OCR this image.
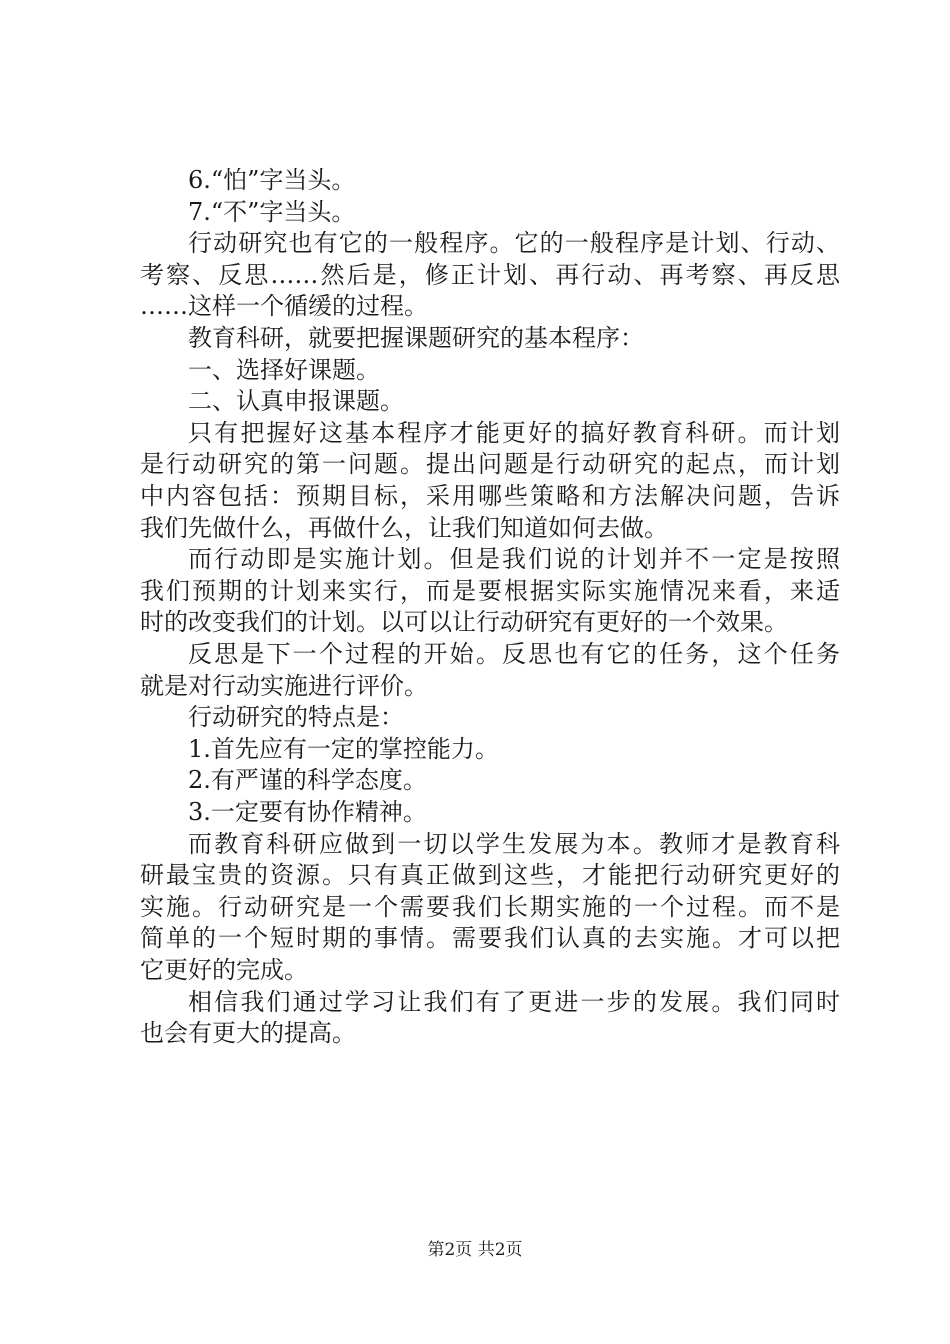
6.“怕”字当头。
7.“不”字当头。
行动研究也有它的一般程序。它的一般程序是计划、行动、
考察、反思……然后是，修正计划、再行动、再考察、再反思
……这样一个循缓的过程。
教育科研，就要把握课题研究的基本程序：
一、选择好课题。
二、认真申报课题。
只有把握好这基本程序才能更好的搞好教育科研。而计划
是行动研究的第一问题。提出问题是行动研究的起点，而计划
中内容包括：预期目标，采用哪些策略和方法解决问题，告诉
我们先做什么，再做什么，让我们知道如何去做。
而行动即是实施计划。但是我们说的计划并不一定是按照
我们预期的计划来实行，而是要根据实际实施情况来看，来适
时的改变我们的计划。以可以让行动研究有更好的一个效果。
反思是下一个过程的开始。反思也有它的任务，这个任务
就是对行动实施进行评价。
行动研究的特点是：
1.首先应有一定的掌控能力。
2.有严谨的科学态度。
3.一定要有协作精神。
而教育科研应做到一切以学生发展为本。教师才是教育科
研最宝贵的资源。只有真正做到这些，才能把行动研究更好的
实施。行动研究是一个需要我们长期实施的一个过程。而不是
简单的一个短时期的事情。需要我们认真的去实施。才可以把
它更好的完成。
相信我们通过学习让我们有了更进一步的发展。我们同时
也会有更大的提高。
第2页 共2页
